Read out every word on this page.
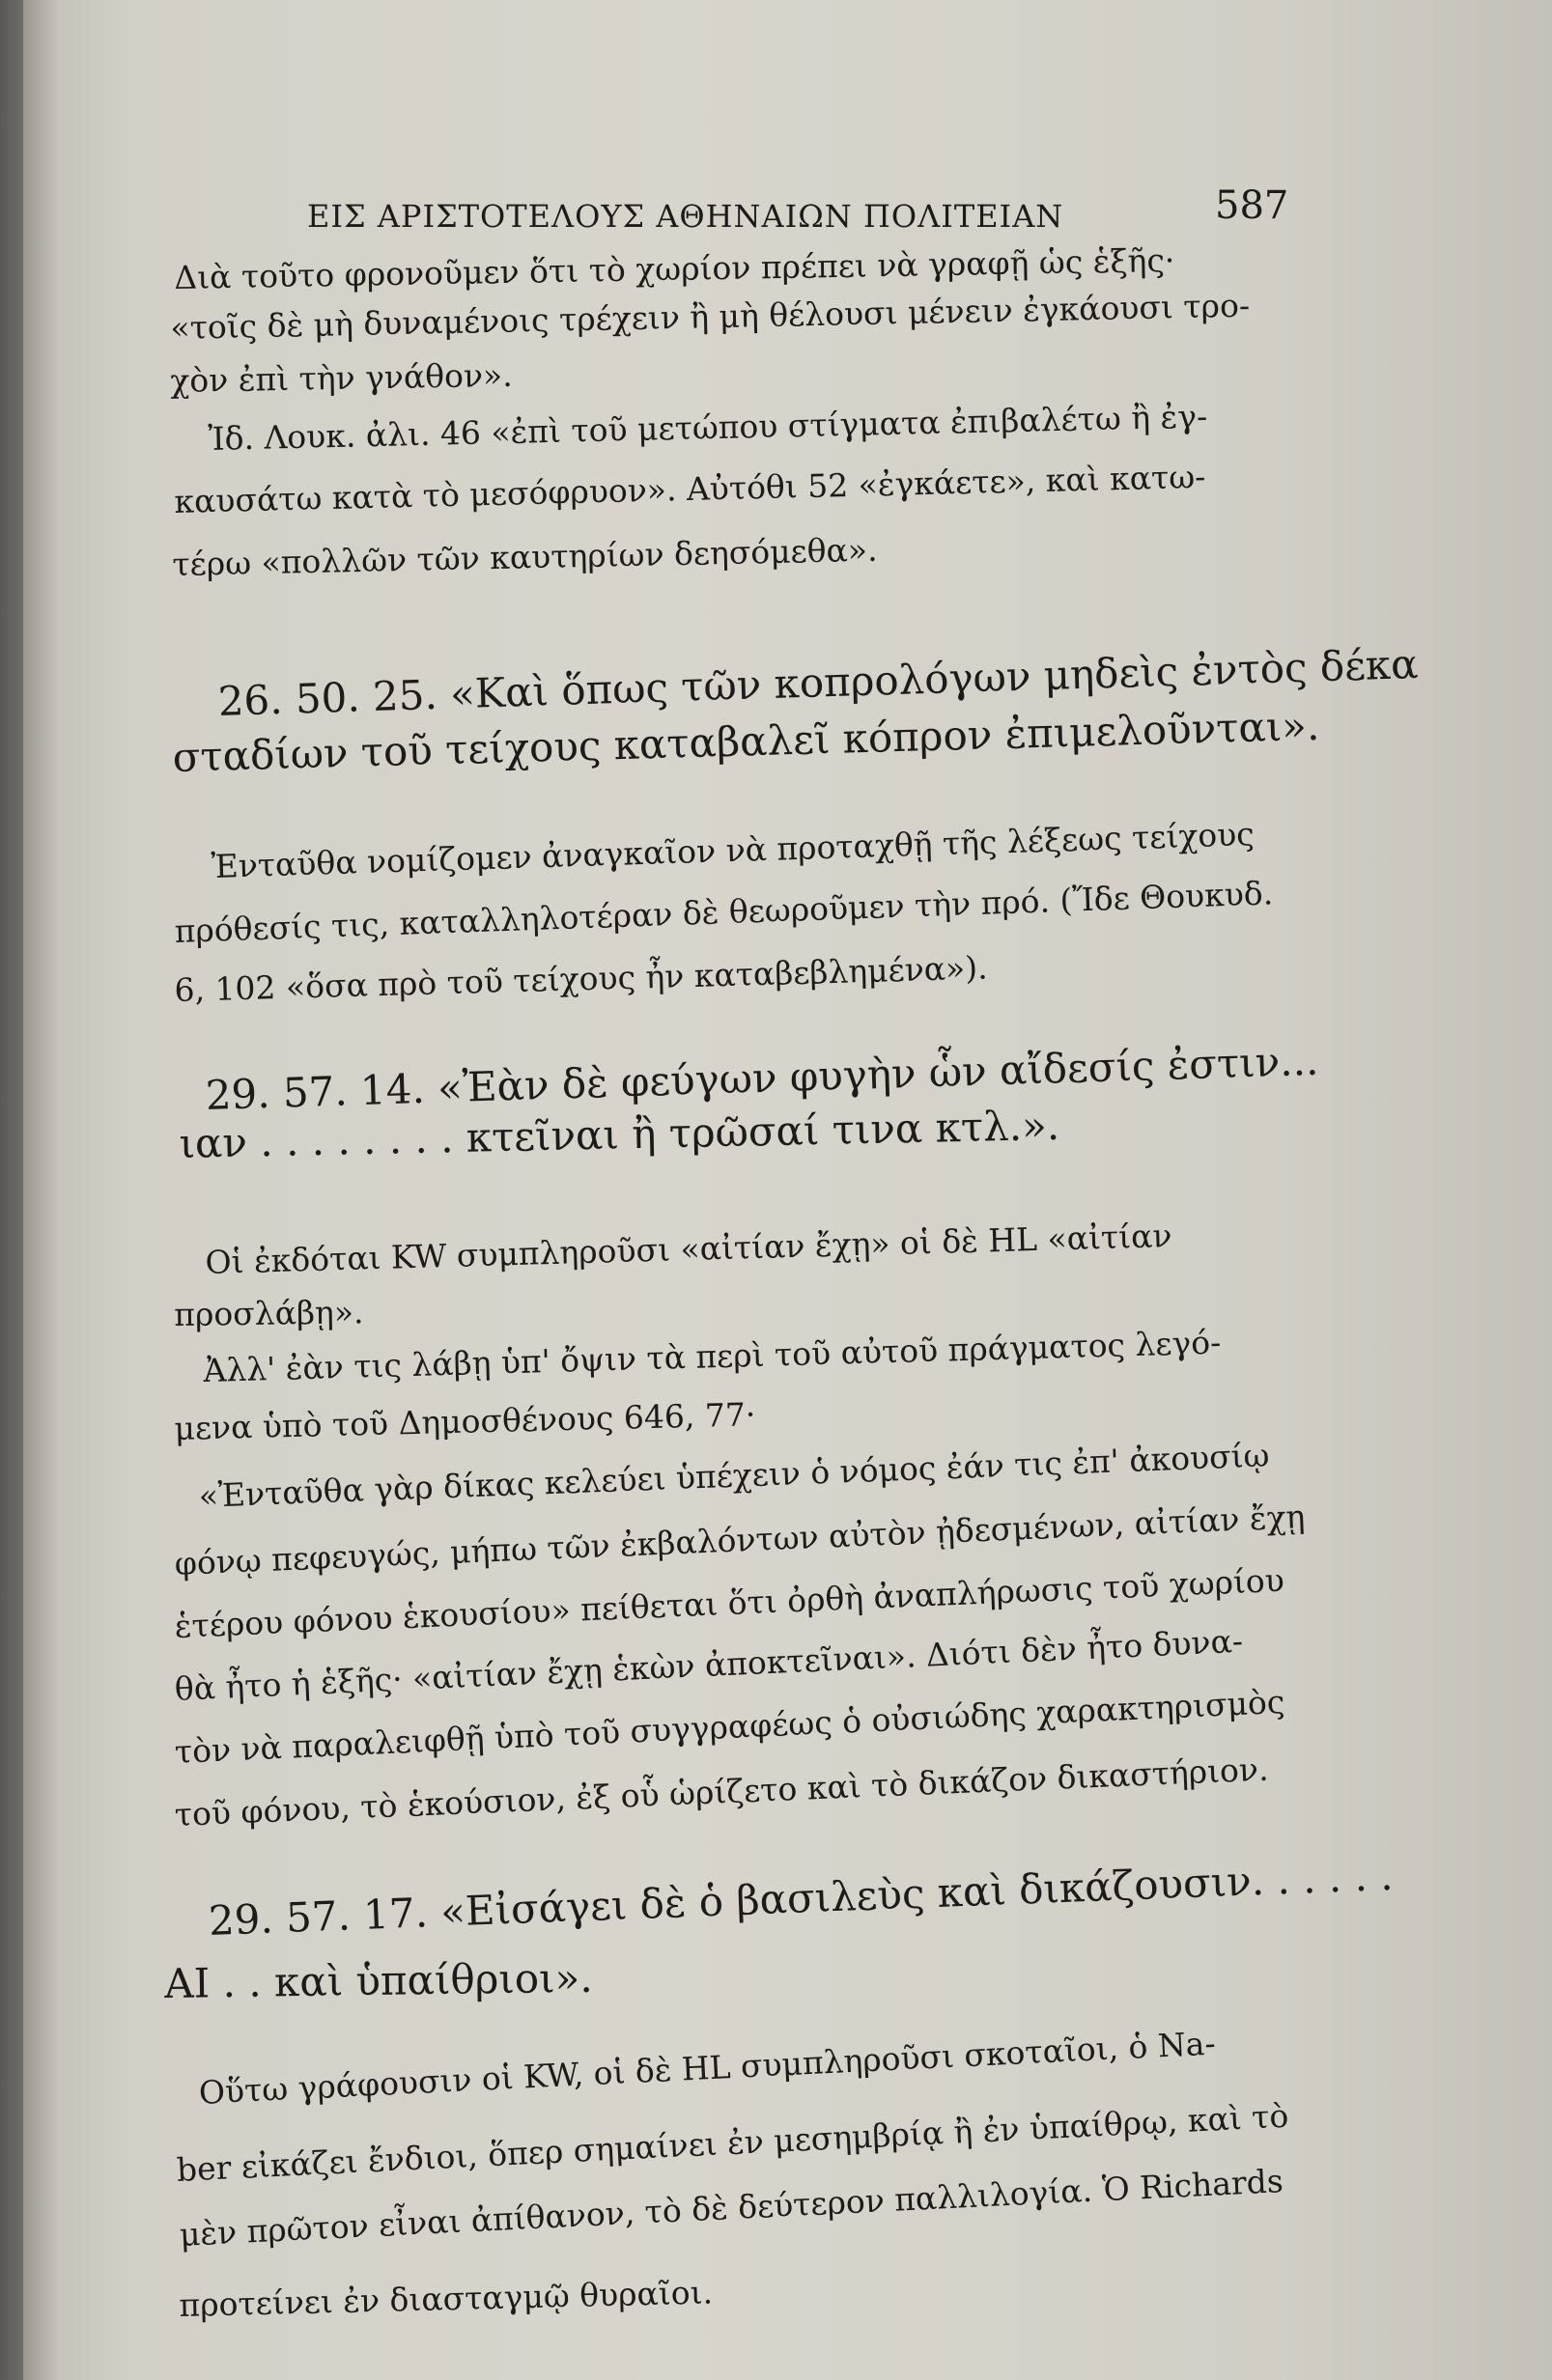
ΕΙΣ ΑΡΙΣΤΟΤΕΛΟΥΣ ΑΘΗΝΑΙΩΝ ΠΟΛΙΤΕΙΑΝ	587
Διὰ τοῦτο φρονοῦμεν ὅτι τὸ χωρίον πρέπει νὰ γραφῇ ὡς ἑξῆς·
«τοῖς δὲ μὴ δυναμένοις τρέχειν ἢ μὴ θέλουσι μένειν ἐγκάουσι τρο-
χὸν ἐπὶ τὴν γνάθον».
Ἰδ. Λουκ. ἀλι. 46 «ἐπὶ τοῦ μετώπου στίγματα ἐπιβαλέτω ἢ ἐγ-
καυσάτω κατὰ τὸ μεσόφρυον». Αὐτόθι 52 «ἐγκάετε», καὶ κατω-
τέρω «πολλῶν τῶν καυτηρίων δεησόμεθα».
26. 50. 25. «Καὶ ὅπως τῶν κοπρολόγων μηδεὶς ἐντὸς δέκα
σταδίων τοῦ τείχους καταβαλεῖ κόπρον ἐπιμελοῦνται».
Ἐνταῦθα νομίζομεν ἀναγκαῖον νὰ προταχθῇ τῆς λέξεως τείχους
πρόθεσίς τις, καταλληλοτέραν δὲ θεωροῦμεν τὴν πρό. (Ἴδε Θουκυδ.
6, 102 «ὅσα πρὸ τοῦ τείχους ἦν καταβεβλημένα»).
29. 57. 14. «Ἐὰν δὲ φεύγων φυγὴν ὧν αἴδεσίς ἐστιν...
ιαν . . . . . . . . κτεῖναι ἢ τρῶσαί τινα κτλ.».
Οἱ ἐκδόται KW συμπληροῦσι «αἰτίαν ἔχῃ» οἱ δὲ HL «αἰτίαν
προσλάβῃ».
Ἀλλ' ἐὰν τις λάβῃ ὑπ' ὄψιν τὰ περὶ τοῦ αὐτοῦ πράγματος λεγό-
μενα ὑπὸ τοῦ Δημοσθένους 646, 77·
«Ἐνταῦθα γὰρ δίκας κελεύει ὑπέχειν ὁ νόμος ἐάν τις ἐπ' ἀκουσίῳ
φόνῳ πεφευγώς, μήπω τῶν ἐκβαλόντων αὐτὸν ᾐδεσμένων, αἰτίαν ἔχῃ
ἑτέρου φόνου ἑκουσίου» πείθεται ὅτι ὀρθὴ ἀναπλήρωσις τοῦ χωρίου
θὰ ἦτο ἡ ἑξῆς· «αἰτίαν ἔχῃ ἑκὼν ἀποκτεῖναι». Διότι δὲν ἦτο δυνα-
τὸν νὰ παραλειφθῇ ὑπὸ τοῦ συγγραφέως ὁ οὐσιώδης χαρακτηρισμὸς
τοῦ φόνου, τὸ ἑκούσιον, ἐξ οὗ ὡρίζετο καὶ τὸ δικάζον δικαστήριον.
29. 57. 17. «Εἰσάγει δὲ ὁ βασιλεὺς καὶ δικάζουσιν. . . . . .
ΑΙ . . καὶ ὑπαίθριοι».
Οὕτω γράφουσιν οἱ KW, οἱ δὲ HL συμπληροῦσι σκοταῖοι, ὁ Na-
ber εἰκάζει ἔνδιοι, ὅπερ σημαίνει ἐν μεσημβρίᾳ ἢ ἐν ὑπαίθρῳ, καὶ τὸ
μὲν πρῶτον εἶναι ἀπίθανον, τὸ δὲ δεύτερον παλλιλογία. Ὁ Richards
προτείνει ἐν διασταγμῷ θυραῖοι.
